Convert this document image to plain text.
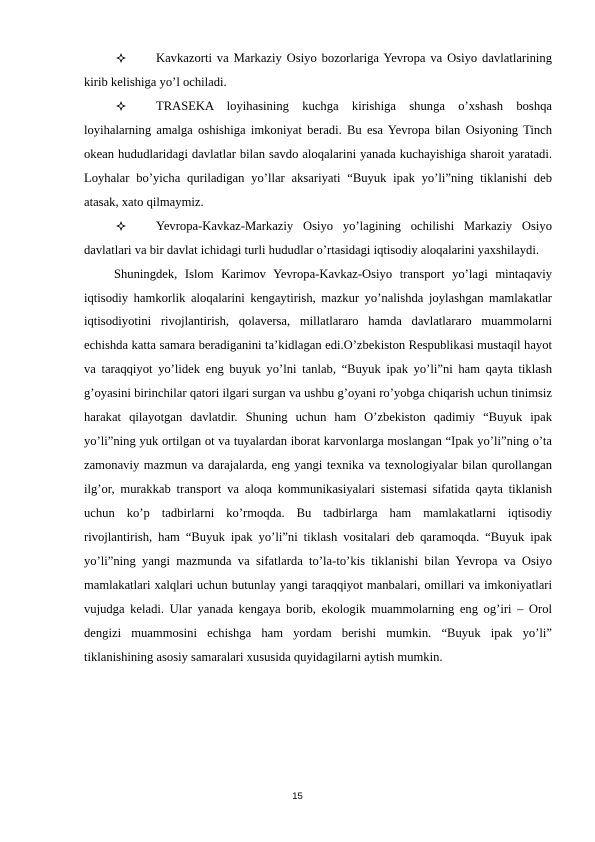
Kavkazorti va Markaziy Osiyo bozorlariga Yevropa va Osiyo davlatlarining kirib kelishiga yo’l ochiladi.

TRASEKA loyihasining kuchga kirishiga shunga o’xshash boshqa loyihalarning amalga oshishiga imkoniyat beradi. Bu esa Yevropa bilan Osiyoning Tinch okean hududlaridagi davlatlar bilan savdo aloqalarini yanada kuchayishiga sharoit yaratadi. Loyhalar bo’yicha quriladigan yo’llar aksariyati “Buyuk ipak yo’li”ning tiklanishi deb atasak, xato qilmaymiz.

Yevropa-Kavkaz-Markaziy Osiyo yo’lagining ochilishi Markaziy Osiyo davlatlari va bir davlat ichidagi turli hududlar o’rtasidagi iqtisodiy aloqalarini yaxshilaydi.

Shuningdek, Islom Karimov Yevropa-Kavkaz-Osiyo transport yo’lagi mintaqaviy iqtisodiy hamkorlik aloqalarini kengaytirish, mazkur yo’nalishda joylashgan mamlakatlar iqtisodiyotini rivojlantirish, qolaversa, millatlararo hamda davlatlararo muammolarni echishda katta samara beradiganini ta’kidlagan edi.O’zbekiston Respublikasi mustaqil hayot va taraqqiyot yo’lidek eng buyuk yo’lni tanlab, “Buyuk ipak yo’li”ni ham qayta tiklash g’oyasini birinchilar qatori ilgari surgan va ushbu g’oyani ro’yobga chiqarish uchun tinimsiz harakat qilayotgan davlatdir. Shuning uchun ham O’zbekiston qadimiy “Buyuk ipak yo’li”ning yuk ortilgan ot va tuyalardan iborat karvonlarga moslangan “Ipak yo’li”ning o’ta zamonaviy mazmun va darajalarda, eng yangi texnika va texnologiyalar bilan qurollangan ilg’or, murakkab transport va aloqa kommunikasiyalari sistemasi sifatida qayta tiklanish uchun ko’p tadbirlarni ko’rmoqda. Bu tadbirlarga ham mamlakatlarni iqtisodiy rivojlantirish, ham “Buyuk ipak yo’li”ni tiklash vositalari deb qaramoqda. “Buyuk ipak yo’li”ning yangi mazmunda va sifatlarda to’la-to’kis tiklanishi bilan Yevropa va Osiyo mamlakatlari xalqlari uchun butunlay yangi taraqqiyot manbalari, omillari va imkoniyatlari vujudga keladi. Ular yanada kengaya borib, ekologik muammolarning eng og’iri – Orol dengizi muammosini echishga ham yordam berishi mumkin. “Buyuk ipak yo’li” tiklanishining asosiy samaralari xususida quyidagilarni aytish mumkin.

15
